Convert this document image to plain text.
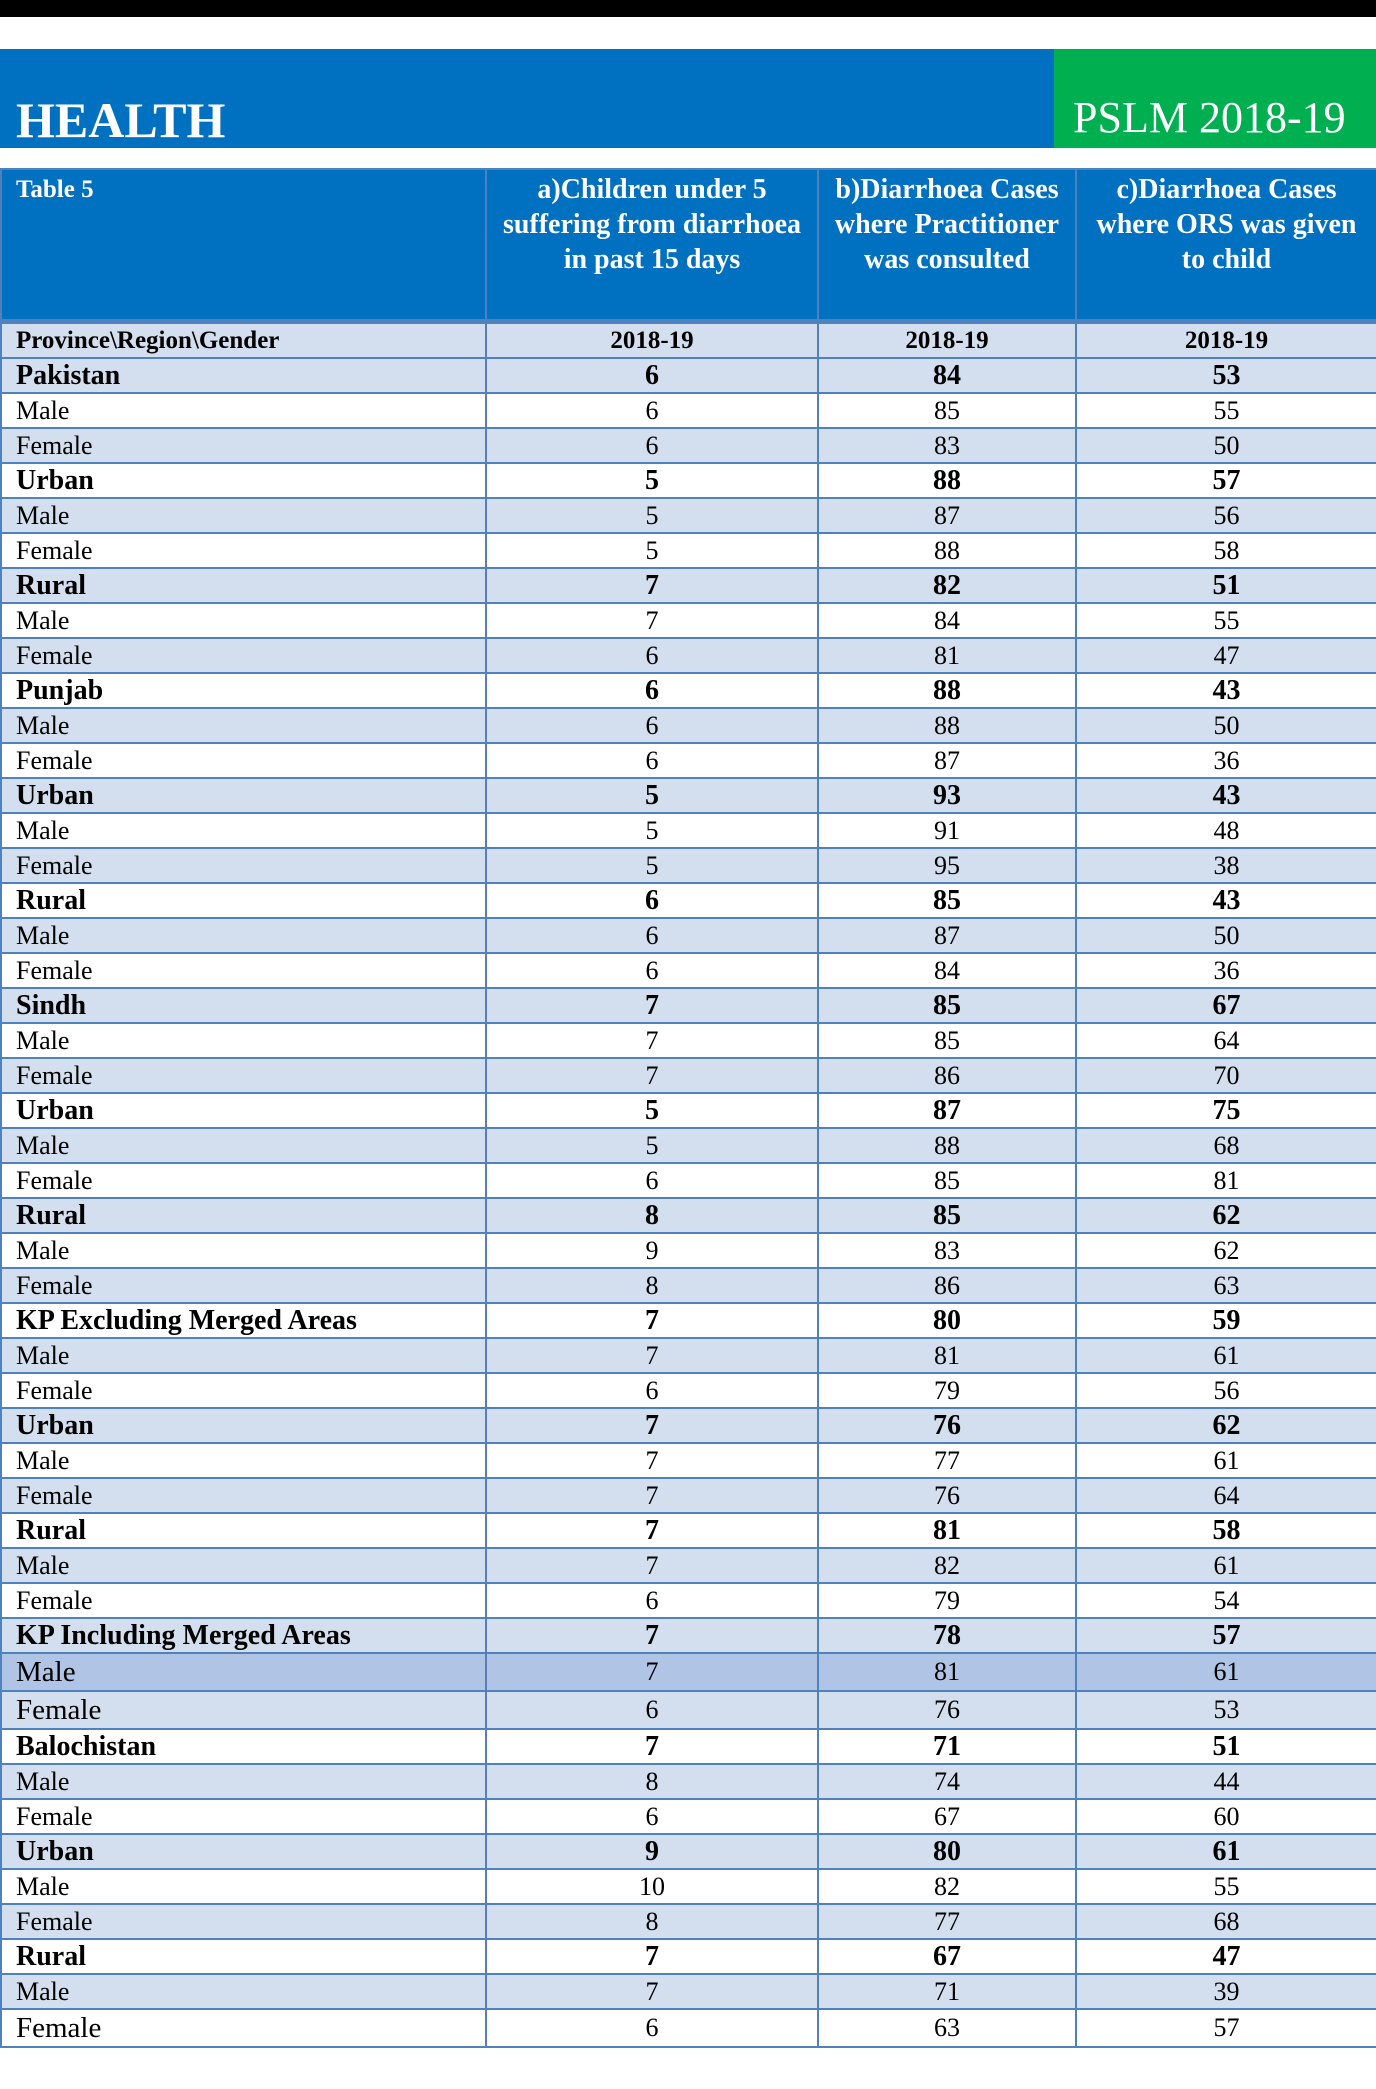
HEALTH	PSLM 2018-19
Table 5	a)Children under 5 suffering from diarrhoea in past 15 days	b)Diarrhoea Cases where Practitioner was consulted	c)Diarrhoea Cases where ORS was given to child
Province\Region\Gender	2018-19	2018-19	2018-19
Pakistan	6	84	53
Male	6	85	55
Female	6	83	50
Urban	5	88	57
Male	5	87	56
Female	5	88	58
Rural	7	82	51
Male	7	84	55
Female	6	81	47
Punjab	6	88	43
Male	6	88	50
Female	6	87	36
Urban	5	93	43
Male	5	91	48
Female	5	95	38
Rural	6	85	43
Male	6	87	50
Female	6	84	36
Sindh	7	85	67
Male	7	85	64
Female	7	86	70
Urban	5	87	75
Male	5	88	68
Female	6	85	81
Rural	8	85	62
Male	9	83	62
Female	8	86	63
KP Excluding Merged Areas	7	80	59
Male	7	81	61
Female	6	79	56
Urban	7	76	62
Male	7	77	61
Female	7	76	64
Rural	7	81	58
Male	7	82	61
Female	6	79	54
KP Including Merged Areas	7	78	57
Male	7	81	61
Female	6	76	53
Balochistan	7	71	51
Male	8	74	44
Female	6	67	60
Urban	9	80	61
Male	10	82	55
Female	8	77	68
Rural	7	67	47
Male	7	71	39
Female	6	63	57
